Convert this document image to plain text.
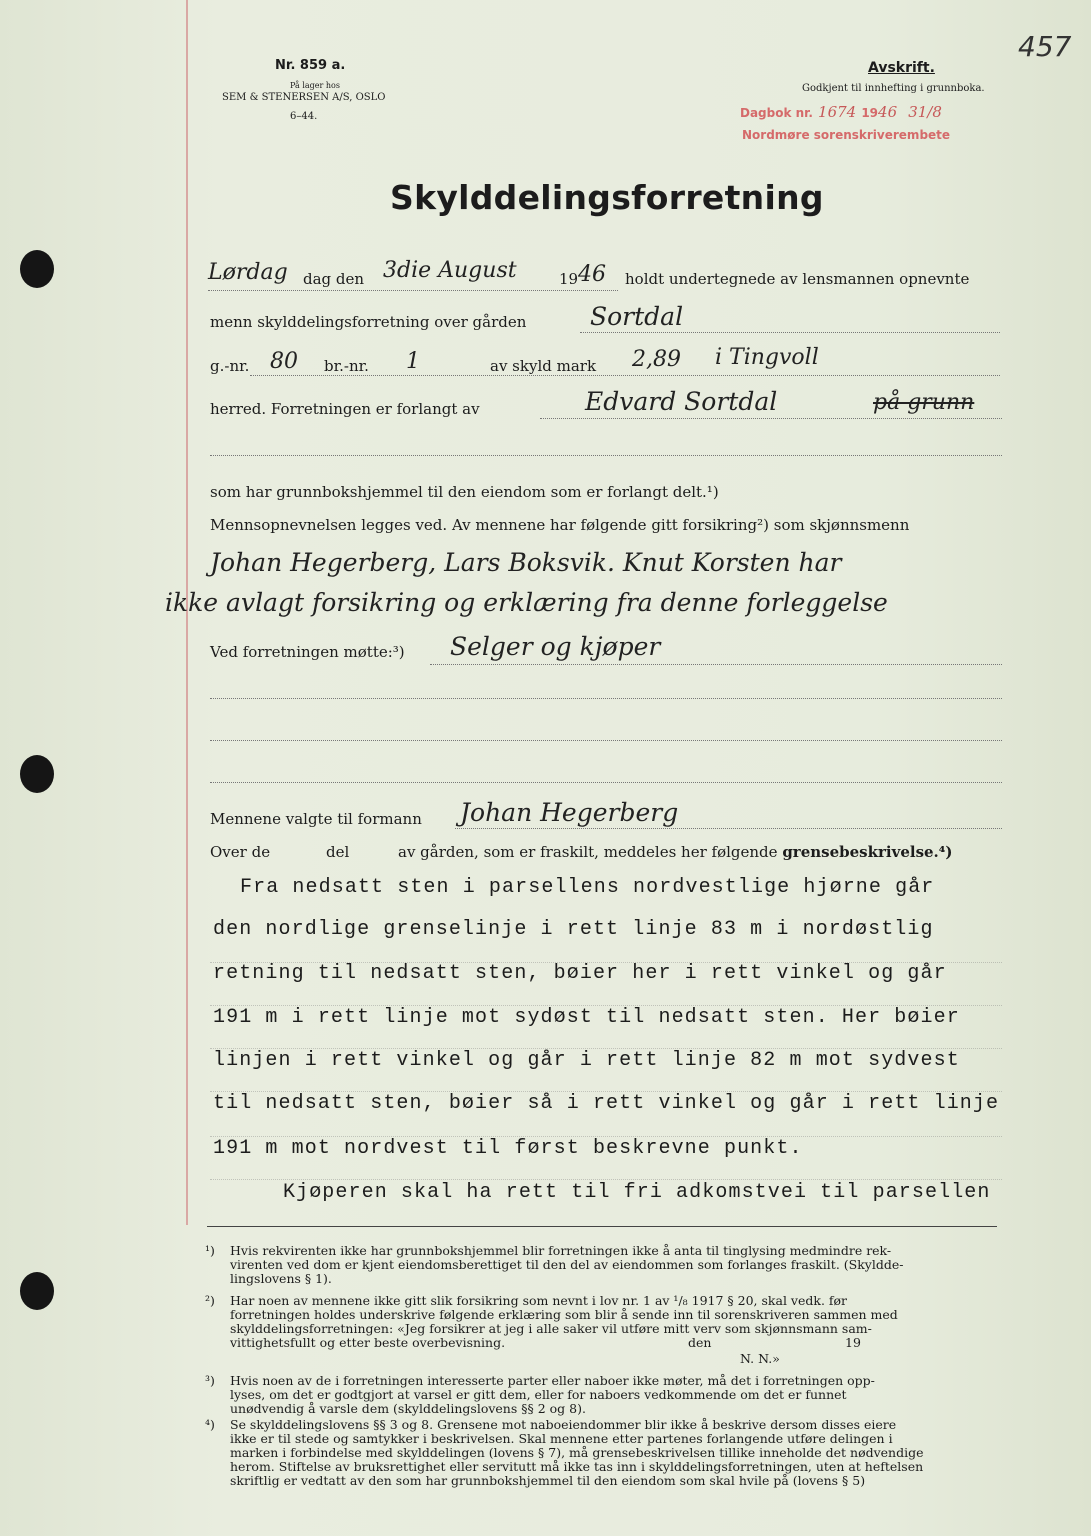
Nr. 859 a.
På lager hos
SEM & STENERSEN A/S, OSLO
6–44.
Avskrift.
Godkjent til innhefting i grunnboka.
Dagbok nr. 1674 1946 31/8
Nordmøre sorenskriverembete
457
Skylddelingsforretning
Lørdag dag den 3die August	19 46 holdt undertegnede av lensmannen opnevnte
menn skylddelingsforretning over gården	Sortdal
g.-nr. 80 br.-nr. 1	av skyld mark 2,89 i Tingvoll
herred. Forretningen er forlangt av	Edvard Sortdal	på grunn
som har grunnbokshjemmel til den eiendom som er forlangt delt.¹)
Mennsopnevnelsen legges ved. Av mennene har følgende gitt forsikring²) som skjønnsmenn
Johan Hegerberg, Lars Boksvik. Knut Korsten har
ikke avlagt forsikring og erklæring fra denne forleggelse
Ved forretningen møtte:³) Selger og kjøper
Mennene valgte til formann Johan Hegerberg
Over de	del	av gården, som er fraskilt, meddeles her følgende grensebeskrivelse.⁴)
Fra nedsatt sten i parsellens nordvestlige hjørne går
den nordlige grenselinje i rett linje 83 m i nordøstlig
retning til nedsatt sten, bøier her i rett vinkel og går
191 m i rett linje mot sydøst til nedsatt sten. Her bøier
linjen i rett vinkel og går i rett linje 82 m mot sydvest
til nedsatt sten, bøier så i rett vinkel og går i rett linje
191 m mot nordvest til først beskrevne punkt.
Kjøperen skal ha rett til fri adkomstvei til parsellen
¹) Hvis rekvirenten ikke har grunnbokshjemmel blir forretningen ikke å anta til tinglysing medmindre rek-
virenten ved dom er kjent eiendomsberettiget til den del av eiendommen som forlanges fraskilt. (Skyldde-
lingslovens § 1).
²) Har noen av mennene ikke gitt slik forsikring som nevnt i lov nr. 1 av ¹/₈ 1917 § 20, skal vedk. før
forretningen holdes underskrive følgende erklæring som blir å sende inn til sorenskriveren sammen med
skylddelingsforretningen: «Jeg forsikrer at jeg i alle saker vil utføre mitt verv som skjønnsmann sam-
vittighetsfullt og etter beste overbevisning.	den	19
N. N.»
³) Hvis noen av de i forretningen interesserte parter eller naboer ikke møter, må det i forretningen opp-
lyses, om det er godtgjort at varsel er gitt dem, eller for naboers vedkommende om det er funnet
unødvendig å varsle dem (skylddelingslovens §§ 2 og 8).
⁴) Se skylddelingslovens §§ 3 og 8. Grensene mot naboeiendommer blir ikke å beskrive dersom disses eiere
ikke er til stede og samtykker i beskrivelsen. Skal mennene etter partenes forlangende utføre delingen i
marken i forbindelse med skylddelingen (lovens § 7), må grensebeskrivelsen tillike inneholde det nødvendige
herom. Stiftelse av bruksrettighet eller servitutt må ikke tas inn i skylddelingsforretningen, uten at heftelsen
skriftlig er vedtatt av den som har grunnbokshjemmel til den eiendom som skal hvile på (lovens § 5)
